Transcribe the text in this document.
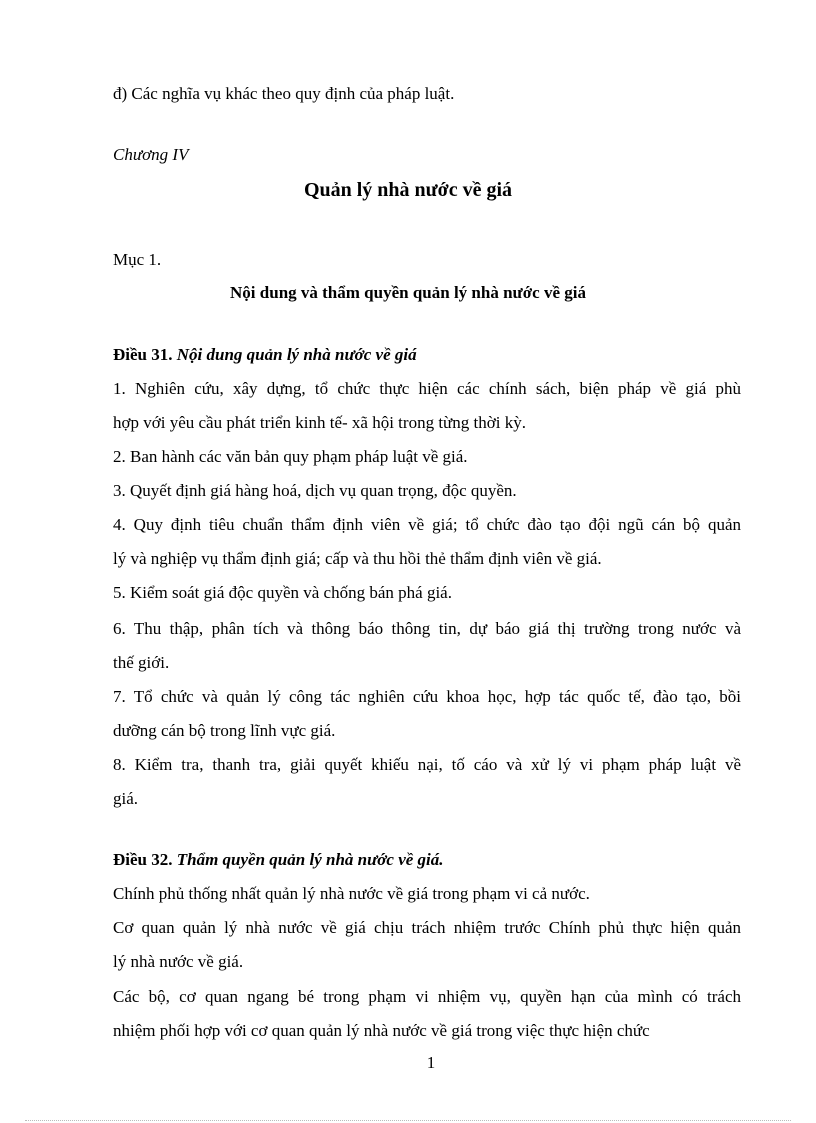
đ) Các nghĩa vụ khác theo quy định của pháp luật.
Chương IV
Quản lý nhà nước về giá
Mục 1.
Nội dung và thẩm quyền quản lý nhà nước về giá
Điều 31. Nội dung quản lý nhà nước về giá
1. Nghiên cứu, xây dựng, tổ chức thực hiện các chính sách, biện pháp về giá phù
hợp với yêu cầu phát triển kinh tế- xã hội trong từng thời kỳ.
2. Ban hành các văn bản quy phạm pháp luật về giá.
3. Quyết định giá hàng hoá, dịch vụ quan trọng, độc quyền.
4. Quy định tiêu chuẩn thẩm định viên về giá; tổ chức đào tạo đội ngũ cán bộ quản
lý và nghiệp vụ thẩm định giá; cấp và thu hồi thẻ thẩm định viên về giá.
5. Kiểm soát giá độc quyền và chống bán phá giá.
6. Thu thập, phân tích và thông báo thông tin, dự báo giá thị trường trong nước và
thế giới.
7. Tổ chức và quản lý công tác nghiên cứu khoa học, hợp tác quốc tế, đào tạo, bồi
dưỡng cán bộ trong lĩnh vực giá.
8. Kiểm tra, thanh tra, giải quyết khiếu nại, tố cáo và xử lý vi phạm pháp luật về
giá.
Điều 32. Thẩm quyền quản lý nhà nước về giá.
Chính phủ thống nhất quản lý nhà nước về giá trong phạm vi cả nước.
Cơ quan quản lý nhà nước về giá chịu trách nhiệm trước Chính phủ thực hiện quản
lý nhà nước về giá.
Các bộ, cơ quan ngang bé trong phạm vi nhiệm vụ, quyền hạn của mình có trách
nhiệm phối hợp với cơ quan quản lý nhà nước về giá trong việc thực hiện chức
1
